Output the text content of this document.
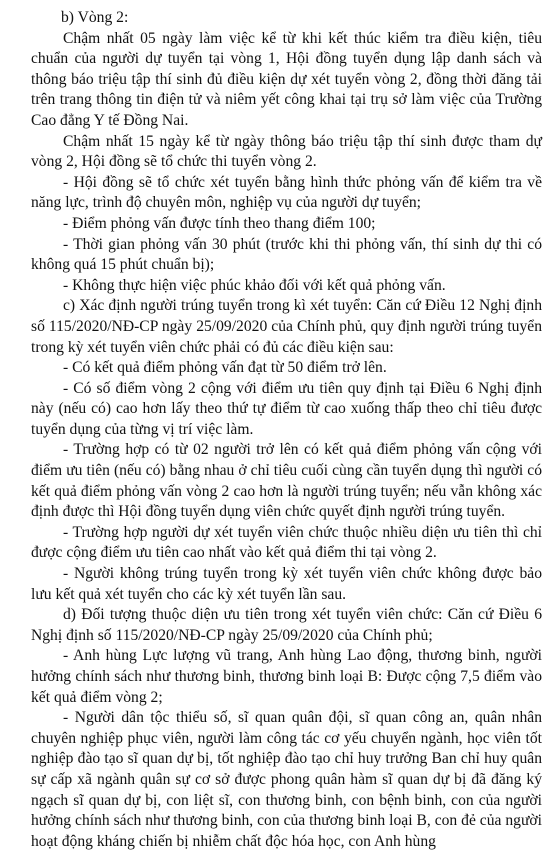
b) Vòng 2:

Chậm nhất 05 ngày làm việc kể từ khi kết thúc kiểm tra điều kiện, tiêu chuẩn của người dự tuyển tại vòng 1, Hội đồng tuyển dụng lập danh sách và thông báo triệu tập thí sinh đủ điều kiện dự xét tuyển vòng 2, đồng thời đăng tải trên trang thông tin điện tử và niêm yết công khai tại trụ sở làm việc của Trường Cao đẳng Y tế Đồng Nai.

Chậm nhất 15 ngày kể từ ngày thông báo triệu tập thí sinh được tham dự vòng 2, Hội đồng sẽ tổ chức thi tuyển vòng 2.

- Hội đồng sẽ tổ chức xét tuyển bằng hình thức phỏng vấn để kiểm tra về năng lực, trình độ chuyên môn, nghiệp vụ của người dự tuyển;

- Điểm phỏng vấn được tính theo thang điểm 100;

- Thời gian phỏng vấn 30 phút (trước khi thi phỏng vấn, thí sinh dự thi có không quá 15 phút chuẩn bị);

- Không thực hiện việc phúc khảo đối với kết quả phỏng vấn.

c) Xác định người trúng tuyển trong kì xét tuyển: Căn cứ Điều 12 Nghị định số 115/2020/NĐ-CP ngày 25/09/2020 của Chính phủ, quy định người trúng tuyển trong kỳ xét tuyển viên chức phải có đủ các điều kiện sau:

- Có kết quả điểm phỏng vấn đạt từ 50 điểm trở lên.

- Có số điểm vòng 2 cộng với điểm ưu tiên quy định tại Điều 6 Nghị định này (nếu có) cao hơn lấy theo thứ tự điểm từ cao xuống thấp theo chỉ tiêu được tuyển dụng của từng vị trí việc làm.

- Trường hợp có từ 02 người trở lên có kết quả điểm phỏng vấn cộng với điểm ưu tiên (nếu có) bằng nhau ở chỉ tiêu cuối cùng cần tuyển dụng thì người có kết quả điểm phỏng vấn vòng 2 cao hơn là người trúng tuyển; nếu vẫn không xác định được thì Hội đồng tuyển dụng viên chức quyết định người trúng tuyển.

- Trường hợp người dự xét tuyển viên chức thuộc nhiều diện ưu tiên thì chỉ được cộng điểm ưu tiên cao nhất vào kết quả điểm thi tại vòng 2.

- Người không trúng tuyển trong kỳ xét tuyển viên chức không được bảo lưu kết quả xét tuyển cho các kỳ xét tuyển lần sau.

d) Đối tượng thuộc diện ưu tiên trong xét tuyển viên chức: Căn cứ Điều 6 Nghị định số 115/2020/NĐ-CP ngày 25/09/2020 của Chính phủ;

- Anh hùng Lực lượng vũ trang, Anh hùng Lao động, thương binh, người hưởng chính sách như thương binh, thương binh loại B: Được cộng 7,5 điểm vào kết quả điểm vòng 2;

- Người dân tộc thiểu số, sĩ quan quân đội, sĩ quan công an, quân nhân chuyên nghiệp phục viên, người làm công tác cơ yếu chuyển ngành, học viên tốt nghiệp đào tạo sĩ quan dự bị, tốt nghiệp đào tạo chỉ huy trưởng Ban chỉ huy quân sự cấp xã ngành quân sự cơ sở được phong quân hàm sĩ quan dự bị đã đăng ký ngạch sĩ quan dự bị, con liệt sĩ, con thương binh, con bệnh binh, con của người hưởng chính sách như thương binh, con của thương binh loại B, con đẻ của người hoạt động kháng chiến bị nhiễm chất độc hóa học, con Anh hùng
